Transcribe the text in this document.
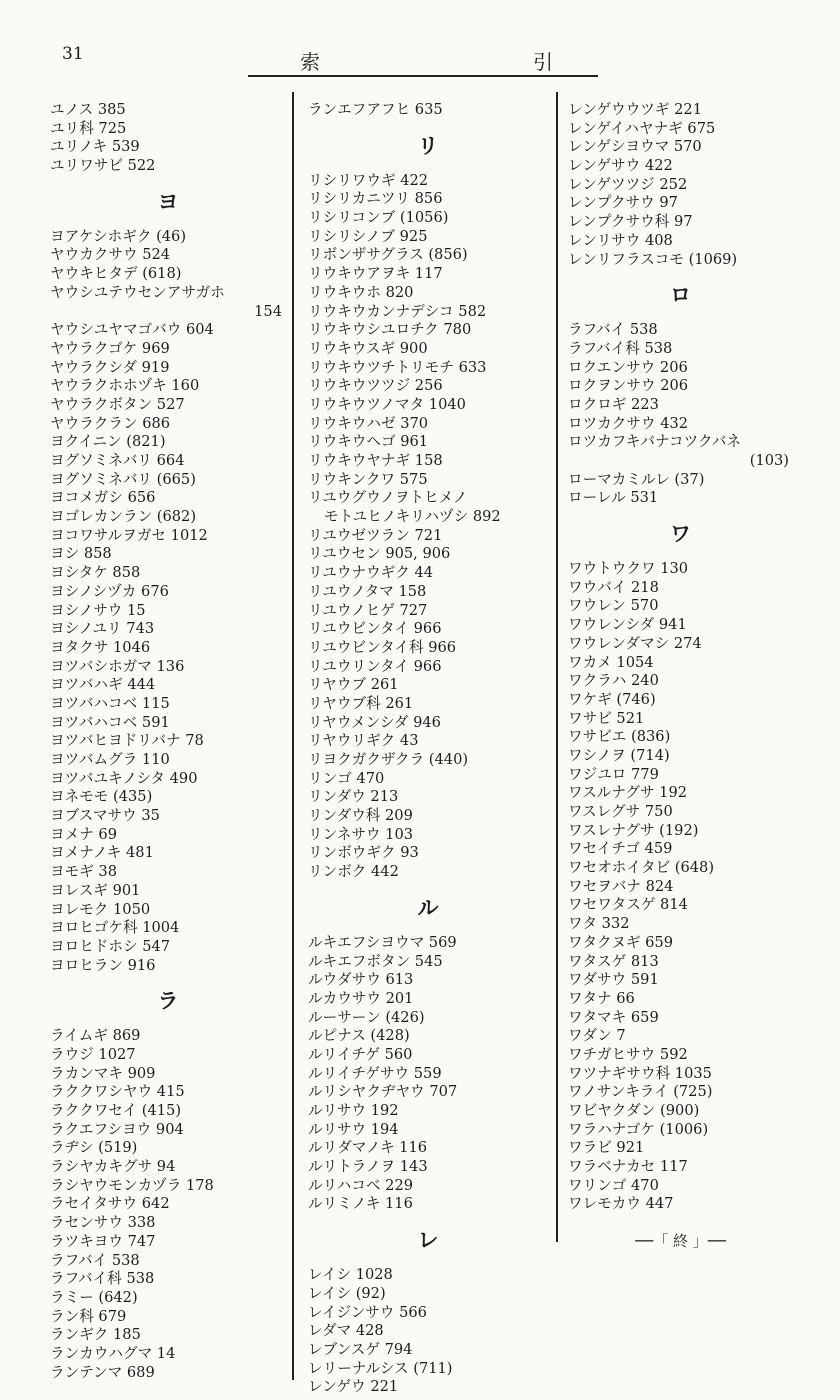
31	索	引
ユノス 385
ユリ科 725
ユリノキ 539
ユリワサビ 522
ヨ
ヨアケシホギク (46)
ヤウカクサウ 524
ヤウキヒタデ (618)
ヤウシユテウセンアサガホ
154
ヤウシユヤマゴバウ 604
ヤウラクゴケ 969
ヤウラクシダ 919
ヤウラクホホヅキ 160
ヤウラクボタン 527
ヤウラクラン 686
ヨクイニン (821)
ヨグソミネバリ 664
ヨグソミネバリ (665)
ヨコメガシ 656
ヨゴレカンラン (682)
ヨコワサルヲガセ 1012
ヨシ 858
ヨシタケ 858
ヨシノシヅカ 676
ヨシノサウ 15
ヨシノユリ 743
ヨタクサ 1046
ヨツバシホガマ 136
ヨツバハギ 444
ヨツバハコベ 115
ヨツバハコベ 591
ヨツバヒヨドリバナ 78
ヨツバムグラ 110
ヨツバユキノシタ 490
ヨネモモ (435)
ヨブスマサウ 35
ヨメナ 69
ヨメナノキ 481
ヨモギ 38
ヨレスギ 901
ヨレモク 1050
ヨロヒゴケ科 1004
ヨロヒドホシ 547
ヨロヒラン 916
ラ
ライムギ 869
ラウジ 1027
ラカンマキ 909
ラククワシヤウ 415
ラククワセイ (415)
ラクエフシヨウ 904
ラヂシ (519)
ラシヤカキグサ 94
ラシヤウモンカヅラ 178
ラセイタサウ 642
ラセンサウ 338
ラツキヨウ 747
ラフバイ 538
ラフバイ科 538
ラミー (642)
ラン科 679
ランギク 185
ランカウハグマ 14
ランテンマ 689
ランエフアフヒ 635
リ
リシリワウギ 422
リシリカニツリ 856
リシリコンブ (1056)
リシリシノブ 925
リボンザサグラス (856)
リウキウアヲキ 117
リウキウホ 820
リウキウカンナデシコ 582
リウキウシユロチク 780
リウキウスギ 900
リウキウツチトリモチ 633
リウキウツツジ 256
リウキウツノマタ 1040
リウキウハゼ 370
リウキウヘゴ 961
リウキウヤナギ 158
リウキンクワ 575
リユウグウノヲトヒメノ
モトユヒノキリハヅシ 892
リユウゼツラン 721
リユウセン 905, 906
リユウナウギク 44
リユウノタマ 158
リユウノヒゲ 727
リユウビンタイ 966
リユウビンタイ科 966
リユウリンタイ 966
リヤウブ 261
リヤウブ科 261
リヤウメンシダ 946
リヤウリギク 43
リヨクガクザクラ (440)
リンゴ 470
リンダウ 213
リンダウ科 209
リンネサウ 103
リンボウギク 93
リンボク 442
ル
ルキエフシヨウマ 569
ルキエフボタン 545
ルウダサウ 613
ルカウサウ 201
ルーサーン (426)
ルピナス (428)
ルリイチゲ 560
ルリイチゲサウ 559
ルリシヤクヂヤウ 707
ルリサウ 192
ルリサウ 194
ルリダマノキ 116
ルリトラノヲ 143
ルリハコベ 229
ルリミノキ 116
レ
レイシ 1028
レイシ (92)
レイジンサウ 566
レダマ 428
レブンスゲ 794
レリーナルシス (711)
レンゲウ 221
レンゲウウツギ 221
レンゲイハヤナギ 675
レンゲシヨウマ 570
レンゲサウ 422
レンゲツツジ 252
レンプクサウ 97
レンプクサウ科 97
レンリサウ 408
レンリフラスコモ (1069)
ロ
ラフバイ 538
ラフバイ科 538
ロクエンサウ 206
ロクヲンサウ 206
ロクロギ 223
ロツカクサウ 432
ロツカフキバナコツクバネ
(103)
ローマカミルレ (37)
ローレル 531
ワ
ワウトウクワ 130
ワウバイ 218
ワウレン 570
ワウレンシダ 941
ワウレンダマシ 274
ワカメ 1054
ワクラハ 240
ワケギ (746)
ワサビ 521
ワサビエ (836)
ワシノヲ (714)
ワジユロ 779
ワスルナグサ 192
ワスレグサ 750
ワスレナグサ (192)
ワセイチゴ 459
ワセオホイタビ (648)
ワセヲバナ 824
ワセワタスゲ 814
ワタ 332
ワタクヌギ 659
ワタスゲ 813
ワダサウ 591
ワタナ 66
ワタマキ 659
ワダン 7
ワチガヒサウ 592
ワツナギサウ科 1035
ワノサンキライ (725)
ワビヤクダン (900)
ワラハナゴケ (1006)
ワラビ 921
ワラベナカセ 117
ワリンゴ 470
ワレモカウ 447
──「 終 」──
